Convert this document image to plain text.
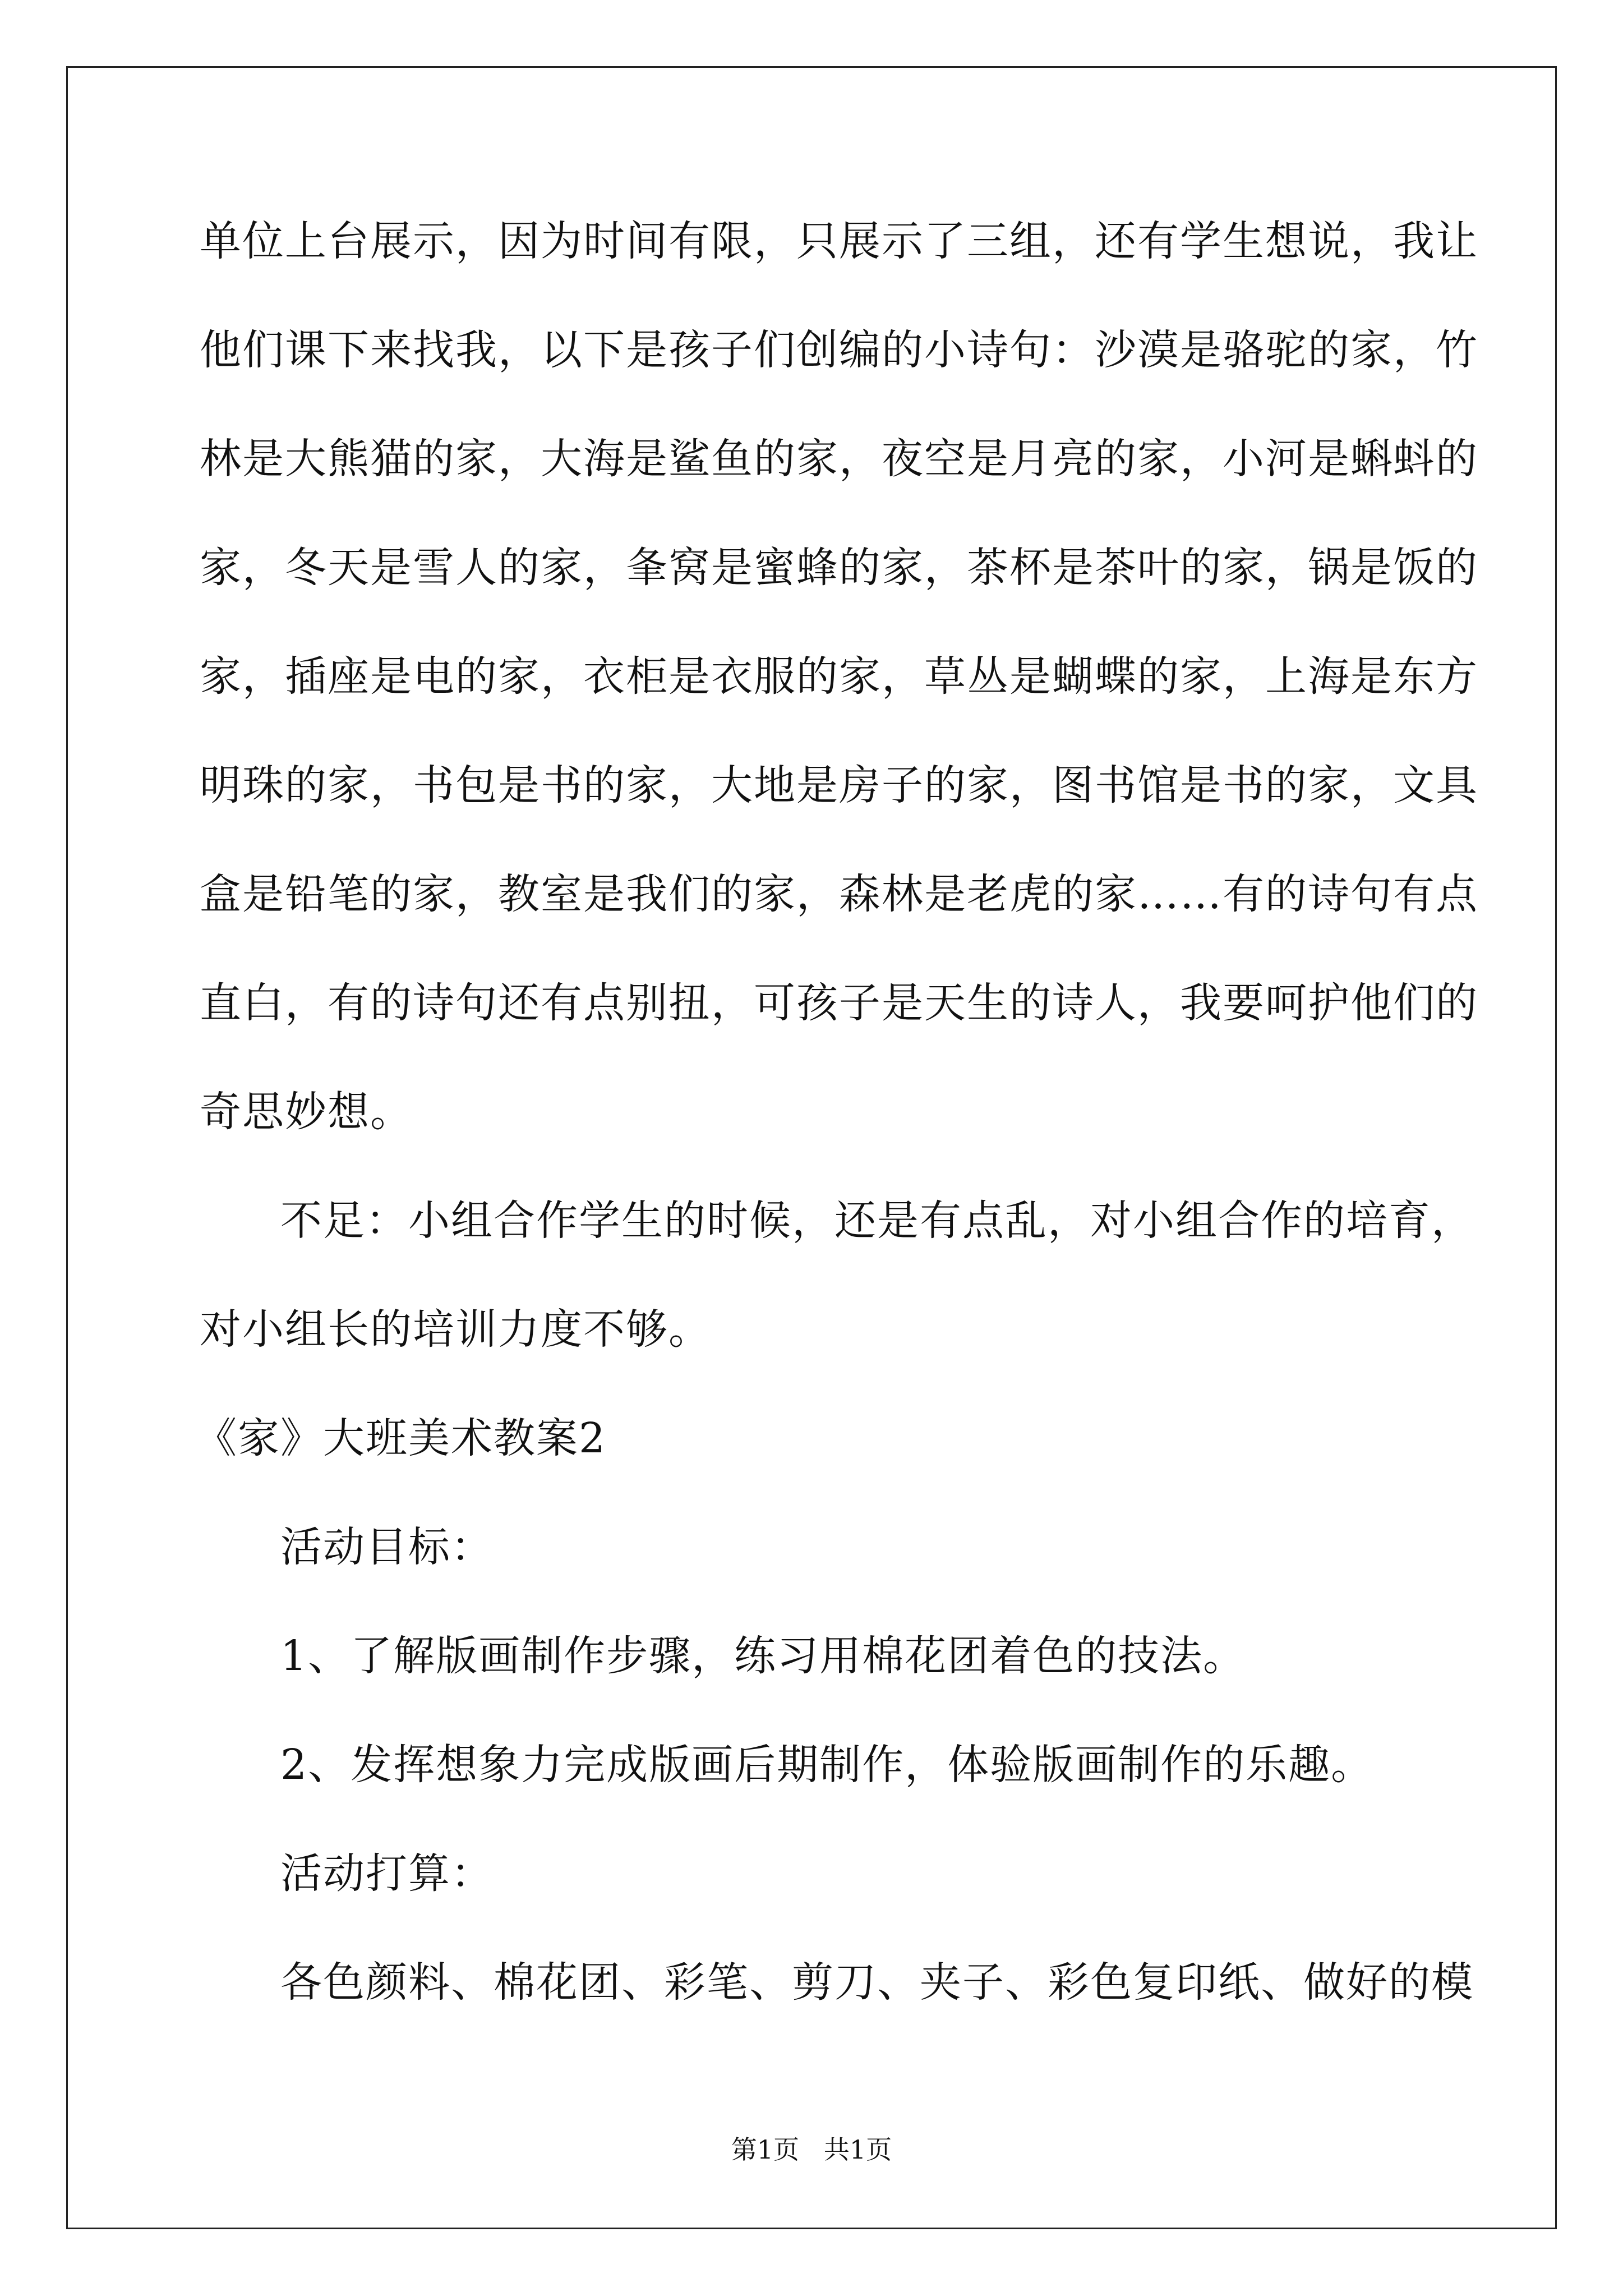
单位上台展示，因为时间有限，只展示了三组，还有学生想说，我让
他们课下来找我，以下是孩子们创编的小诗句：沙漠是骆驼的家，竹
林是大熊猫的家，大海是鲨鱼的家，夜空是月亮的家，小河是蝌蚪的
家，冬天是雪人的家，夆窝是蜜蜂的家，茶杯是茶叶的家，锅是饭的
家，插座是电的家，衣柜是衣服的家，草丛是蝴蝶的家，上海是东方
明珠的家，书包是书的家，大地是房子的家，图书馆是书的家，文具
盒是铅笔的家，教室是我们的家，森林是老虎的家……有的诗句有点
直白，有的诗句还有点别扭，可孩子是天生的诗人，我要呵护他们的
奇思妙想。
不足：小组合作学生的时候，还是有点乱，对小组合作的培育，
对小组长的培训力度不够。
《家》大班美术教案2
活动目标：
1、了解版画制作步骤，练习用棉花团着色的技法。
2、发挥想象力完成版画后期制作，体验版画制作的乐趣。
活动打算：
各色颜料、棉花团、彩笔、剪刀、夹子、彩色复印纸、做好的模
第1页   共1页
